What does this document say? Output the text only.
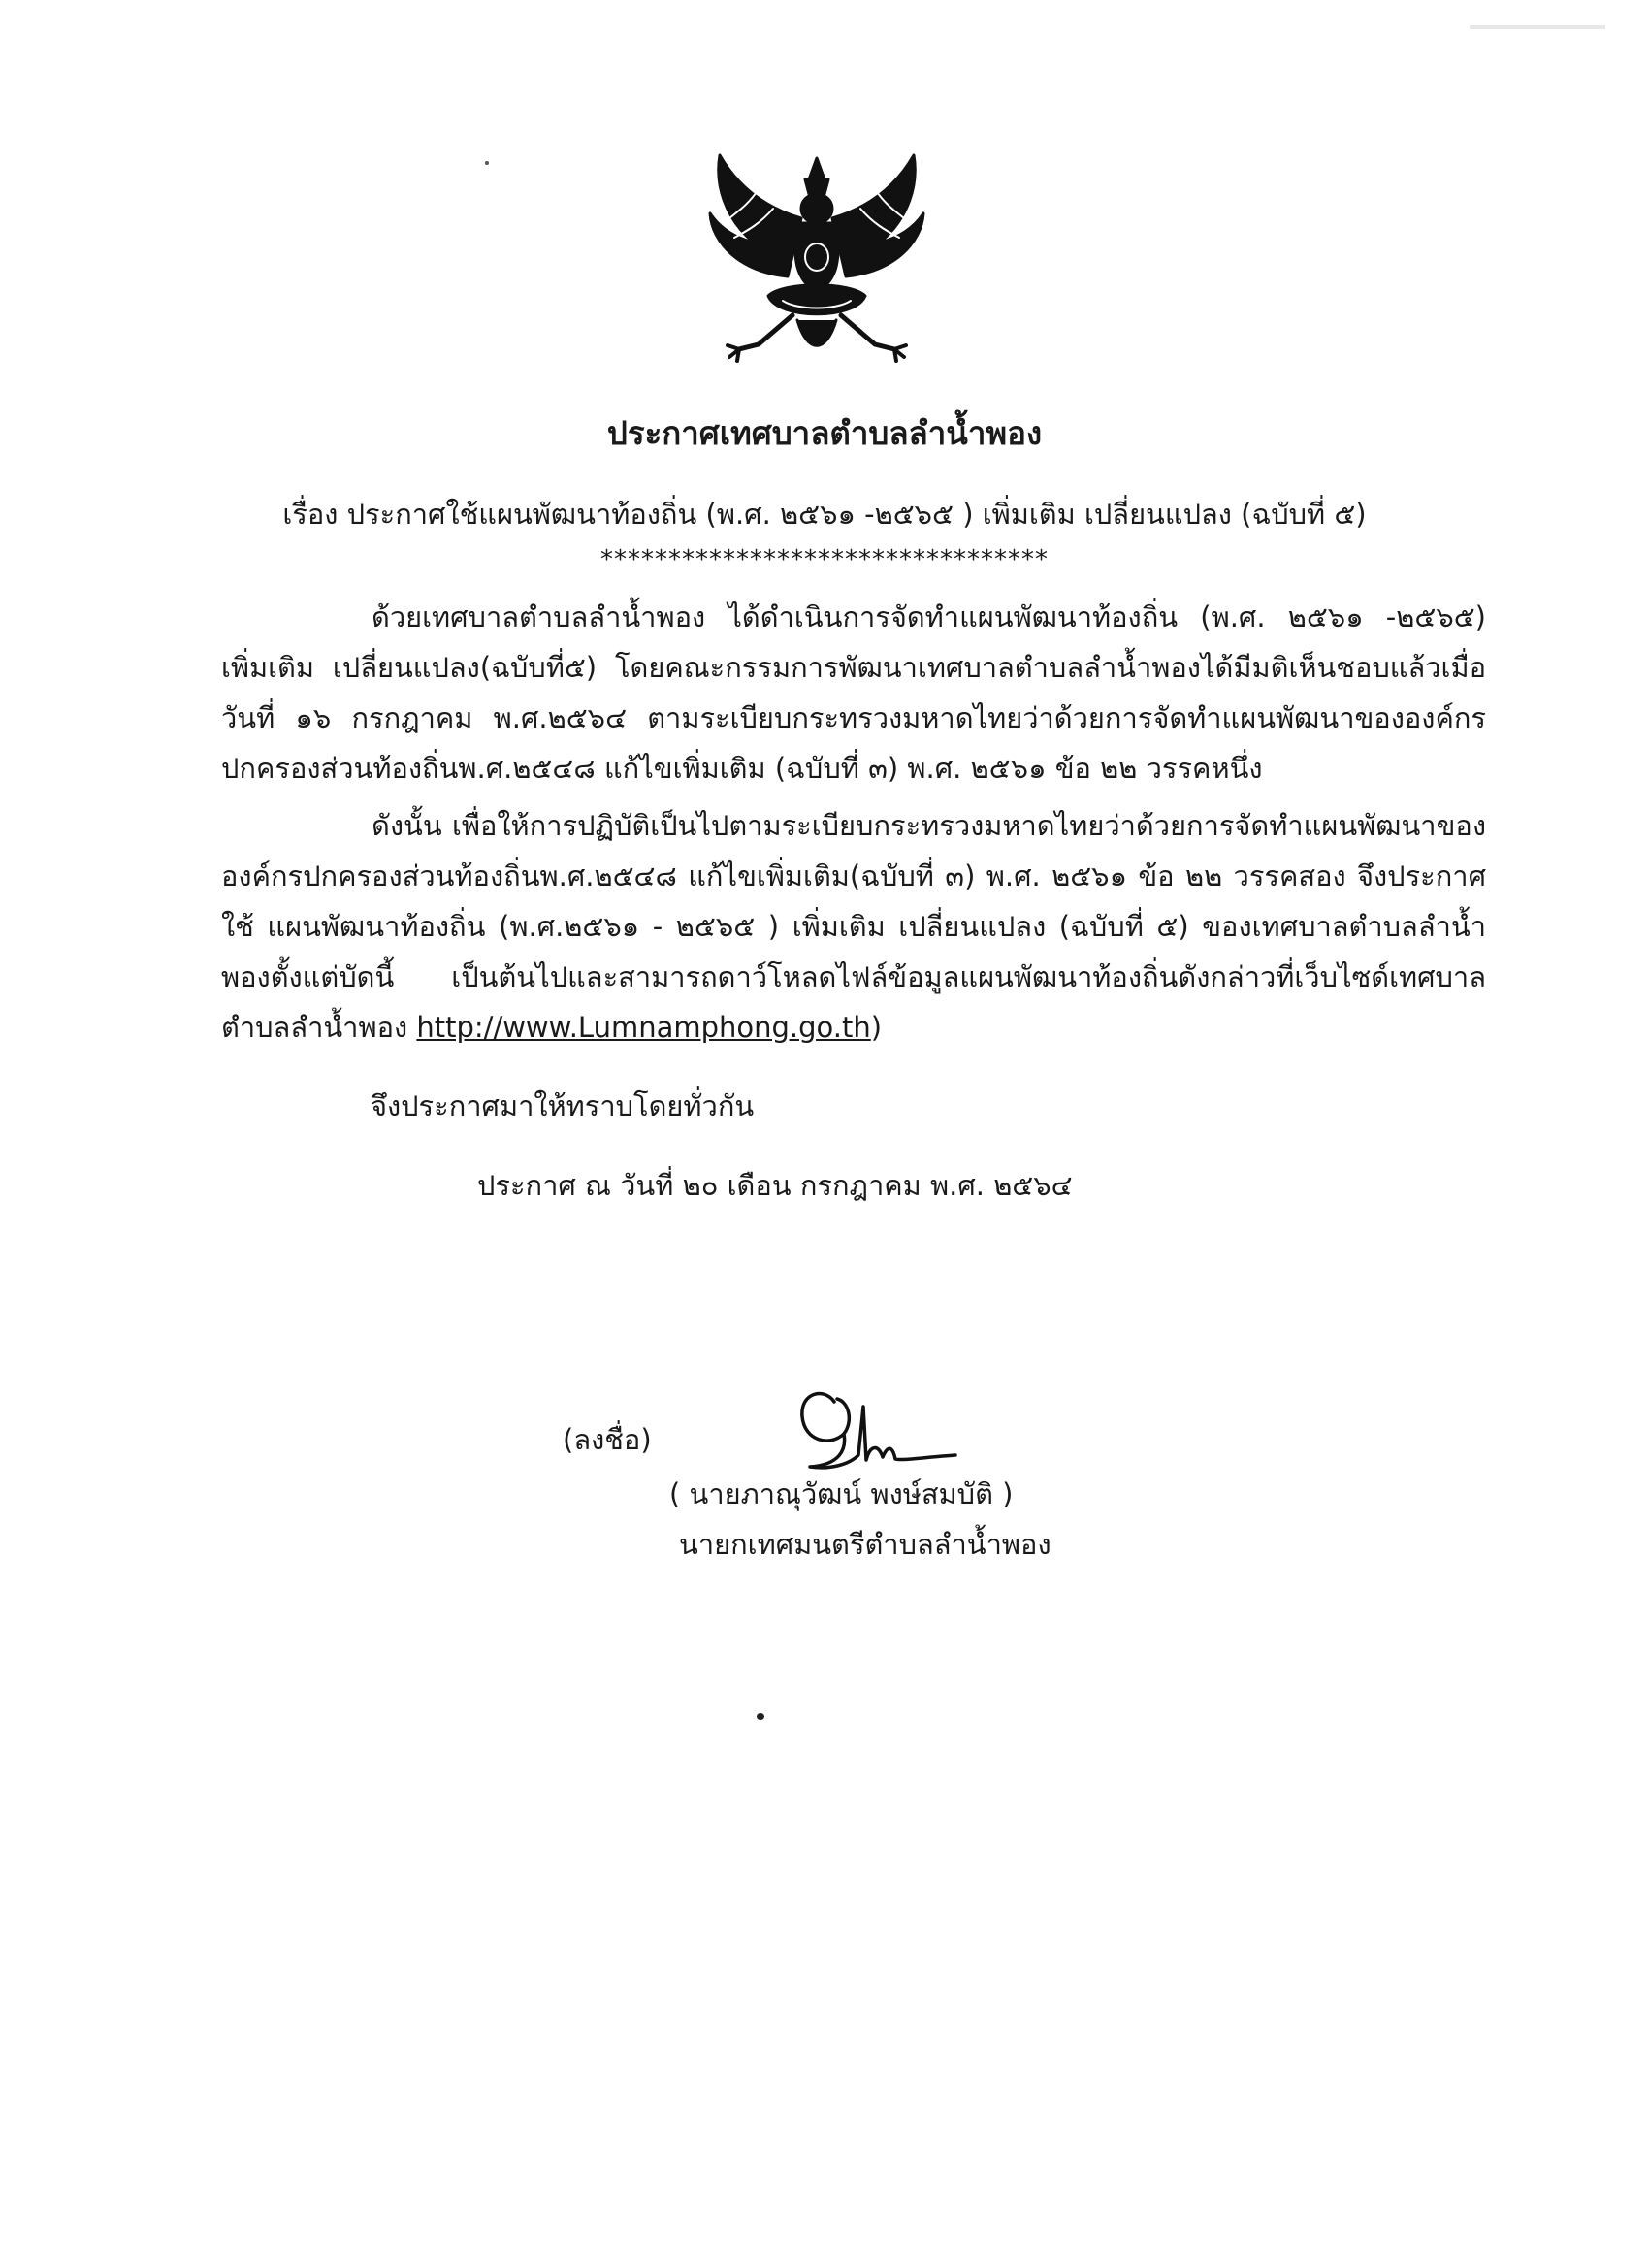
ประกาศเทศบาลตำบลลำน้ำพอง
เรื่อง ประกาศใช้แผนพัฒนาท้องถิ่น (พ.ศ. ๒๕๖๑ -๒๕๖๕ ) เพิ่มเติม เปลี่ยนแปลง (ฉบับที่ ๕)
*********************************
ด้วยเทศบาลตำบลลำน้ำพอง ได้ดำเนินการจัดทำแผนพัฒนาท้องถิ่น (พ.ศ. ๒๕๖๑ -๒๕๖๕) เพิ่มเติม เปลี่ยนแปลง(ฉบับที่๕) โดยคณะกรรมการพัฒนาเทศบาลตำบลลำน้ำพองได้มีมติเห็นชอบแล้วเมื่อวันที่ ๑๖ กรกฎาคม พ.ศ.๒๕๖๔ ตามระเบียบกระทรวงมหาดไทยว่าด้วยการจัดทำแผนพัฒนาขององค์กรปกครองส่วนท้องถิ่นพ.ศ.๒๕๔๘ แก้ไขเพิ่มเติม (ฉบับที่ ๓) พ.ศ. ๒๕๖๑ ข้อ ๒๒ วรรคหนึ่ง
ดังนั้น เพื่อให้การปฏิบัติเป็นไปตามระเบียบกระทรวงมหาดไทยว่าด้วยการจัดทำแผนพัฒนาของ องค์กรปกครองส่วนท้องถิ่นพ.ศ.๒๕๔๘ แก้ไขเพิ่มเติม(ฉบับที่ ๓) พ.ศ. ๒๕๖๑ ข้อ ๒๒ วรรคสอง จึงประกาศใช้ แผนพัฒนาท้องถิ่น (พ.ศ.๒๕๖๑ - ๒๕๖๕ ) เพิ่มเติม เปลี่ยนแปลง (ฉบับที่ ๕) ของเทศบาลตำบลลำน้ำพองตั้งแต่บัดนี้ เป็นต้นไปและสามารถดาว์โหลดไฟล์ข้อมูลแผนพัฒนาท้องถิ่นดังกล่าวที่เว็บไซด์เทศบาลตำบลลำน้ำพอง http://www.Lumnamphong.go.th)
จึงประกาศมาให้ทราบโดยทั่วกัน
ประกาศ ณ วันที่ ๒๐ เดือน กรกฎาคม พ.ศ. ๒๕๖๔
(ลงชื่อ)
( นายภาณุวัฒน์ พงษ์สมบัติ )
นายกเทศมนตรีตำบลลำน้ำพอง
